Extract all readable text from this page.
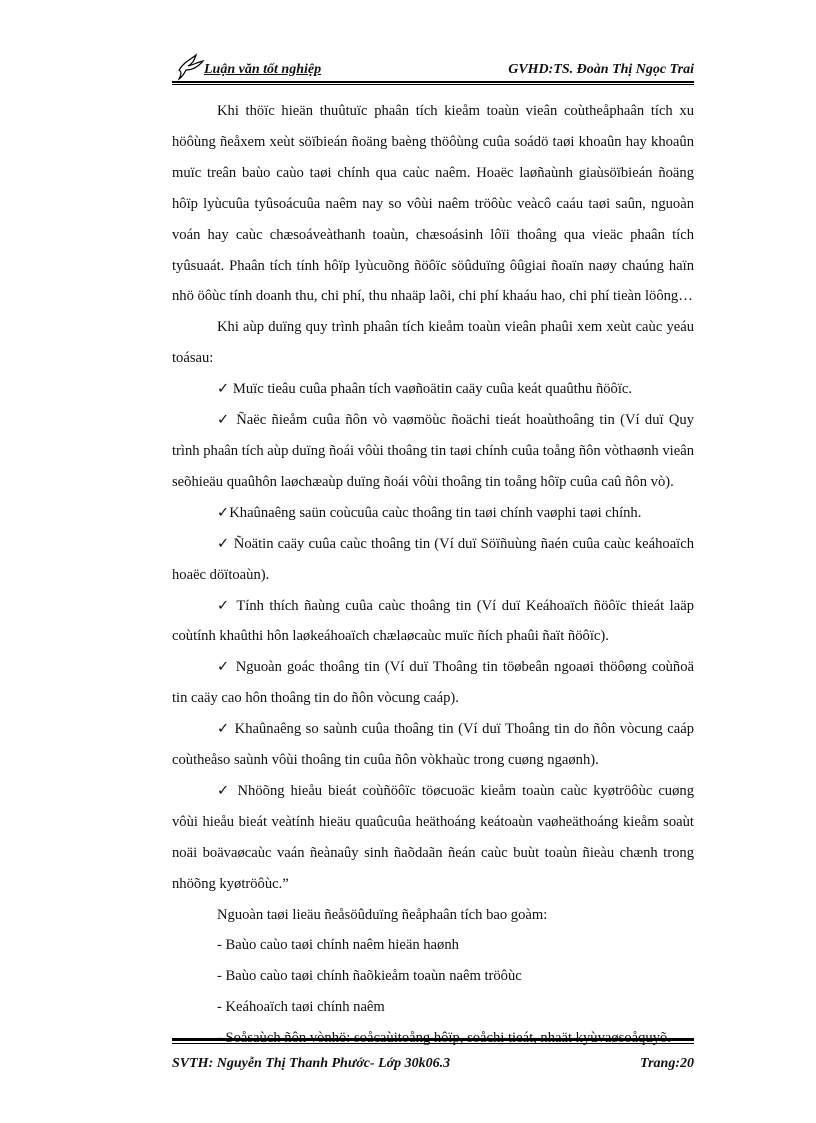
Luận văn tốt nghiệp	GVHD:TS. Đoàn Thị Ngọc Trai

Khi thöïc hieän thuûtuïc phaân tích kieåm toaùn vieân coùtheåphaân tích xu höôùng ñeåxem xeùt söïbieán ñoäng baèng thöôùng cuûa soádö taøi khoaûn hay khoaûn muïc treân baùo caùo taøi chính qua caùc naêm. Hoaëc laøñaùnh giaùsöïbieán ñoäng hôïp lyùcuûa tyûsoácuûa naêm nay so vôùi naêm tröôùc veàcô caáu taøi saûn, nguoàn voán hay caùc chæsoáveàthanh toaùn, chæsoásinh lôïi thoâng qua vieäc phaân tích tyûsuaát. Phaân tích tính hôïp lyùcuõng ñöôïc söûduïng ôûgiai ñoaïn naøy chaúng haïn nhö öôùc tính doanh thu, chi phí, thu nhaäp laõi, chi phí khaáu hao, chi phí tieàn löông…

Khi aùp duïng quy trình phaân tích kieåm toaùn vieân phaûi xem xeùt caùc yeáu toásau:

✓ Muïc tieâu cuûa phaân tích vaøñoätin caäy cuûa keát quaûthu ñöôïc.

✓ Ñaëc ñieåm cuûa ñôn vò vaømöùc ñoächi tieát hoaùthoâng tin (Ví duï Quy trình phaân tích aùp duïng ñoái vôùi thoâng tin taøi chính cuûa toång ñôn vòthaønh vieân seõhieäu quaûhôn laøchæaùp duïng ñoái vôùi thoâng tin toång hôïp cuûa caû ñôn vò).

✓Khaûnaêng saün coùcuûa caùc thoâng tin taøi chính vaøphi taøi chính.

✓ Ñoätin caäy cuûa caùc thoâng tin (Ví duï Söïñuùng ñaén cuûa caùc keáhoaïch hoaëc döïtoaùn).

✓ Tính thích ñaùng cuûa caùc thoâng tin (Ví duï Keáhoaïch ñöôïc thieát laäp coùtính khaûthi hôn laøkeáhoaïch chælaøcaùc muïc ñích phaûi ñaït ñöôïc).

✓ Nguoàn goác thoâng tin (Ví duï Thoâng tin töøbeân ngoaøi thöôøng coùñoä tin caäy cao hôn thoâng tin do ñôn vòcung caáp).

✓ Khaûnaêng so saùnh cuûa thoâng tin (Ví duï Thoâng tin do ñôn vòcung caáp coùtheåso saùnh vôùi thoâng tin cuûa ñôn vòkhaùc trong cuøng ngaønh).

✓ Nhöõng hieåu bieát coùñöôïc töøcuoäc kieåm toaùn caùc kyøtröôùc cuøng vôùi hieåu bieát veàtính hieäu quaûcuûa heäthoáng keátoaùn vaøheäthoáng kieåm soaùt noäi boävaøcaùc vaán ñeànaûy sinh ñaõdaãn ñeán caùc buùt toaùn ñieàu chænh trong nhöõng kyøtröôùc.”

Nguoàn taøi lieäu ñeåsöûduïng ñeåphaân tích bao goàm:

- Baùo caùo taøi chính naêm hieän haønh

- Baùo caùo taøi chính ñaõkieåm toaùn naêm tröôùc

- Keáhoaïch taøi chính naêm

- Soåsaùch ñôn vònhö: soåcaùitoång hôïp, soåchi tieát, nhaät kyùvaøsoåquyõ.

SVTH: Nguyễn Thị Thanh Phước- Lớp 30k06.3	Trang:20
